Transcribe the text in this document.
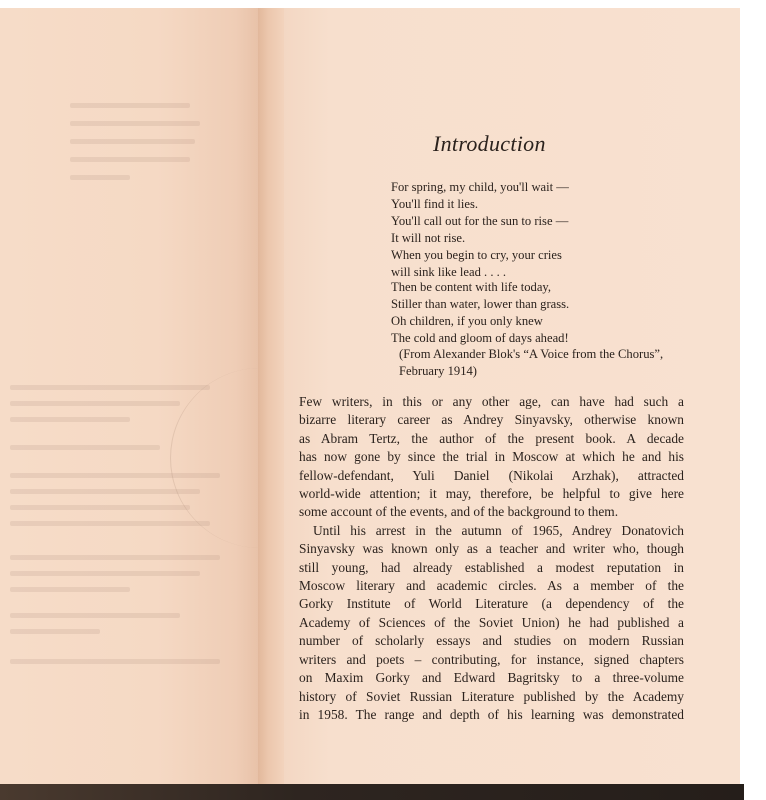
Introduction
For spring, my child, you'll wait —
You'll find it lies.
You'll call out for the sun to rise —
It will not rise.
When you begin to cry, your cries
will sink like lead . . . .
Then be content with life today,
Stiller than water, lower than grass.
Oh children, if you only knew
The cold and gloom of days ahead!
(From Alexander Blok's “A Voice from the Chorus”,
February 1914)

Few writers, in this or any other age, can have had such a
bizarre literary career as Andrey Sinyavsky, otherwise known
as Abram Tertz, the author of the present book. A decade
has now gone by since the trial in Moscow at which he and his
fellow-defendant, Yuli Daniel (Nikolai Arzhak), attracted
world-wide attention; it may, therefore, be helpful to give here
some account of the events, and of the background to them.

Until his arrest in the autumn of 1965, Andrey Donatovich
Sinyavsky was known only as a teacher and writer who, though
still young, had already established a modest reputation in
Moscow literary and academic circles. As a member of the
Gorky Institute of World Literature (a dependency of the
Academy of Sciences of the Soviet Union) he had published a
number of scholarly essays and studies on modern Russian
writers and poets – contributing, for instance, signed chapters
on Maxim Gorky and Edward Bagritsky to a three-volume
history of Soviet Russian Literature published by the Academy
in 1958. The range and depth of his learning was demonstrated
